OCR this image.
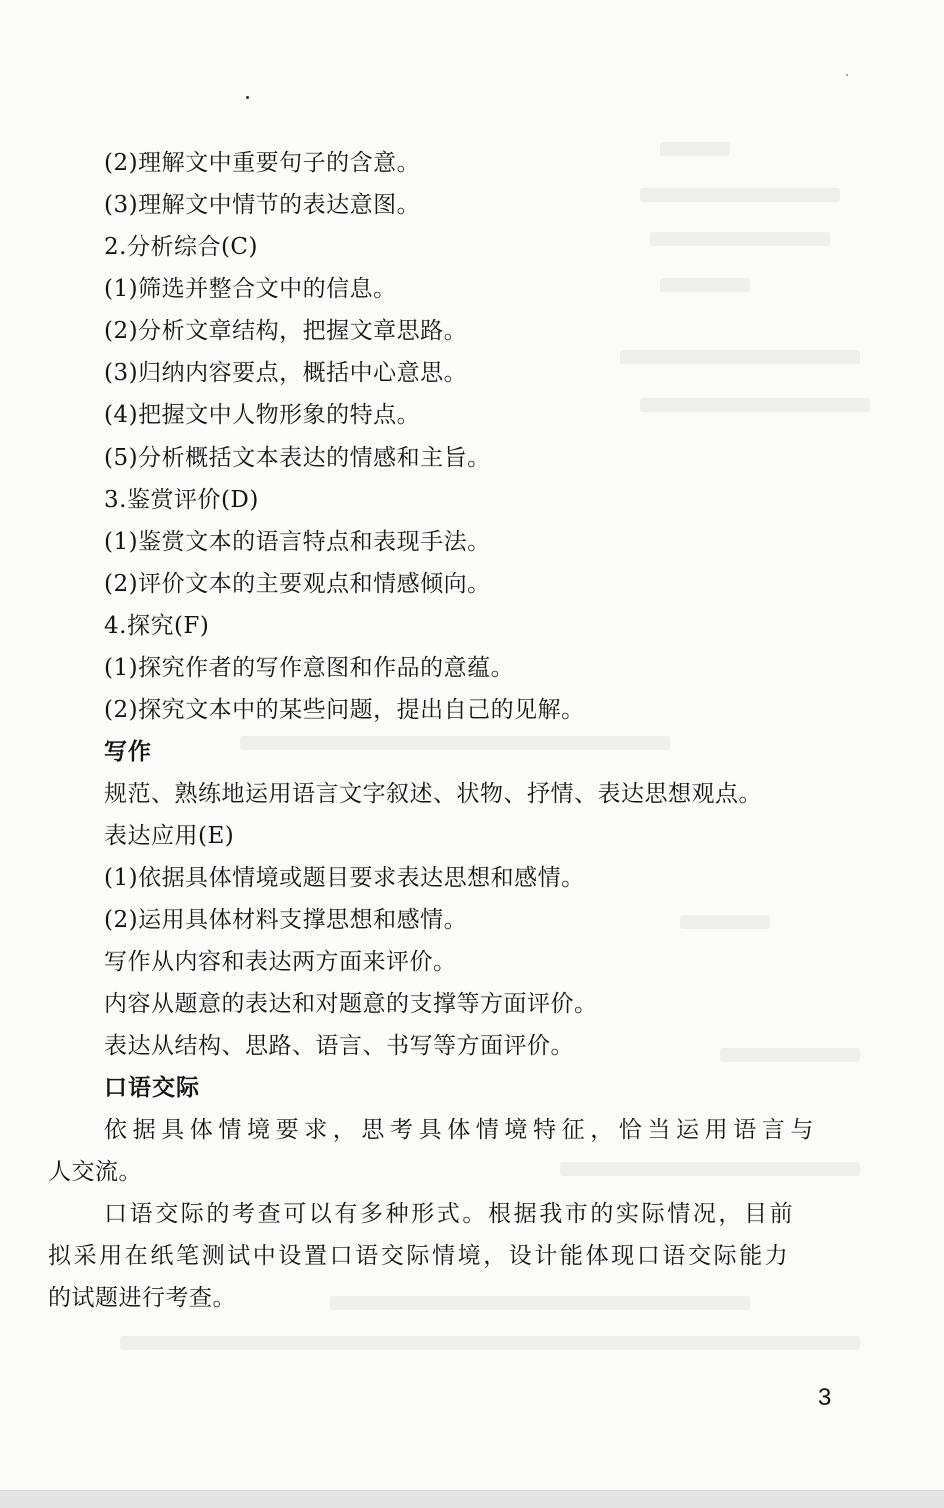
(2)理解文中重要句子的含意。
(3)理解文中情节的表达意图。
2.分析综合(C)
(1)筛选并整合文中的信息。
(2)分析文章结构，把握文章思路。
(3)归纳内容要点，概括中心意思。
(4)把握文中人物形象的特点。
(5)分析概括文本表达的情感和主旨。
3.鉴赏评价(D)
(1)鉴赏文本的语言特点和表现手法。
(2)评价文本的主要观点和情感倾向。
4.探究(F)
(1)探究作者的写作意图和作品的意蕴。
(2)探究文本中的某些问题，提出自己的见解。
写作
规范、熟练地运用语言文字叙述、状物、抒情、表达思想观点。
表达应用(E)
(1)依据具体情境或题目要求表达思想和感情。
(2)运用具体材料支撑思想和感情。
写作从内容和表达两方面来评价。
内容从题意的表达和对题意的支撑等方面评价。
表达从结构、思路、语言、书写等方面评价。
口语交际
依据具体情境要求，思考具体情境特征，恰当运用语言与
人交流。
口语交际的考查可以有多种形式。根据我市的实际情况，目前
拟采用在纸笔测试中设置口语交际情境，设计能体现口语交际能力
的试题进行考查。
3
